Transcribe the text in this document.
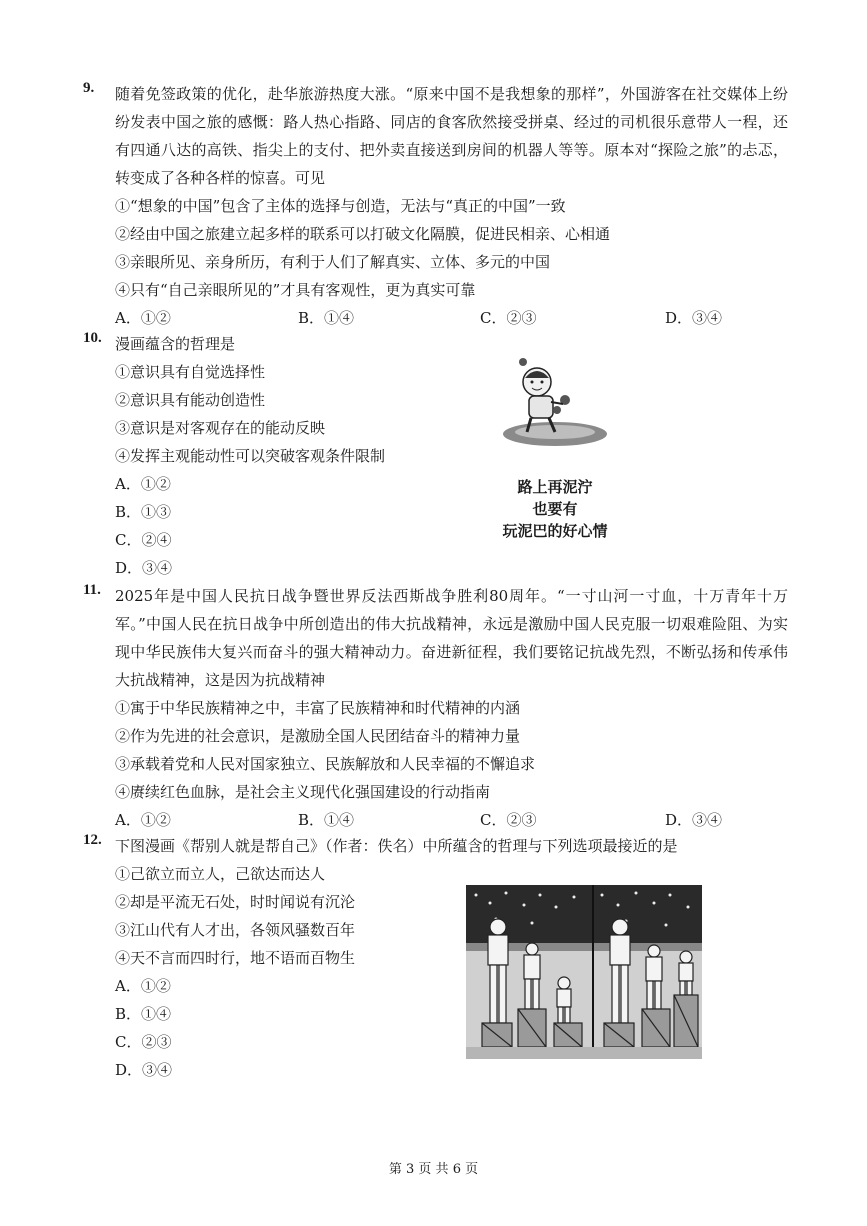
9. 随着免签政策的优化，赴华旅游热度大涨。“原来中国不是我想象的那样”，外国游客在社交媒体上纷纷发表中国之旅的感慨：路人热心指路、同店的食客欣然接受拼桌、经过的司机很乐意带人一程，还有四通八达的高铁、指尖上的支付、把外卖直接送到房间的机器人等等。原本对“探险之旅”的忐忑，转变成了各种各样的惊喜。可见
①“想象的中国”包含了主体的选择与创造，无法与“真正的中国”一致
②经由中国之旅建立起多样的联系可以打破文化隔膜，促进民相亲、心相通
③亲眼所见、亲身所历，有利于人们了解真实、立体、多元的中国
④只有“自己亲眼所见的”才具有客观性，更为真实可靠
A．①②	B．①④	C．②③	D．③④
10. 漫画蕴含的哲理是
①意识具有自觉选择性
②意识具有能动创造性
③意识是对客观存在的能动反映
④发挥主观能动性可以突破客观条件限制
A．①②
B．①③
C．②④
D．③④
路上再泥泞
也要有
玩泥巴的好心情
11. 2025年是中国人民抗日战争暨世界反法西斯战争胜利80周年。“一寸山河一寸血，十万青年十万军。”中国人民在抗日战争中所创造出的伟大抗战精神，永远是激励中国人民克服一切艰难险阻、为实现中华民族伟大复兴而奋斗的强大精神动力。奋进新征程，我们要铭记抗战先烈，不断弘扬和传承伟大抗战精神，这是因为抗战精神
①寓于中华民族精神之中，丰富了民族精神和时代精神的内涵
②作为先进的社会意识，是激励全国人民团结奋斗的精神力量
③承载着党和人民对国家独立、民族解放和人民幸福的不懈追求
④赓续红色血脉，是社会主义现代化强国建设的行动指南
A．①②	B．①④	C．②③	D．③④
12. 下图漫画《帮别人就是帮自己》（作者：佚名）中所蕴含的哲理与下列选项最接近的是
①己欲立而立人，己欲达而达人
②却是平流无石处，时时闻说有沉沦
③江山代有人才出，各领风骚数百年
④天不言而四时行，地不语而百物生
A．①②
B．①④
C．②③
D．③④
第 3 页 共 6 页
